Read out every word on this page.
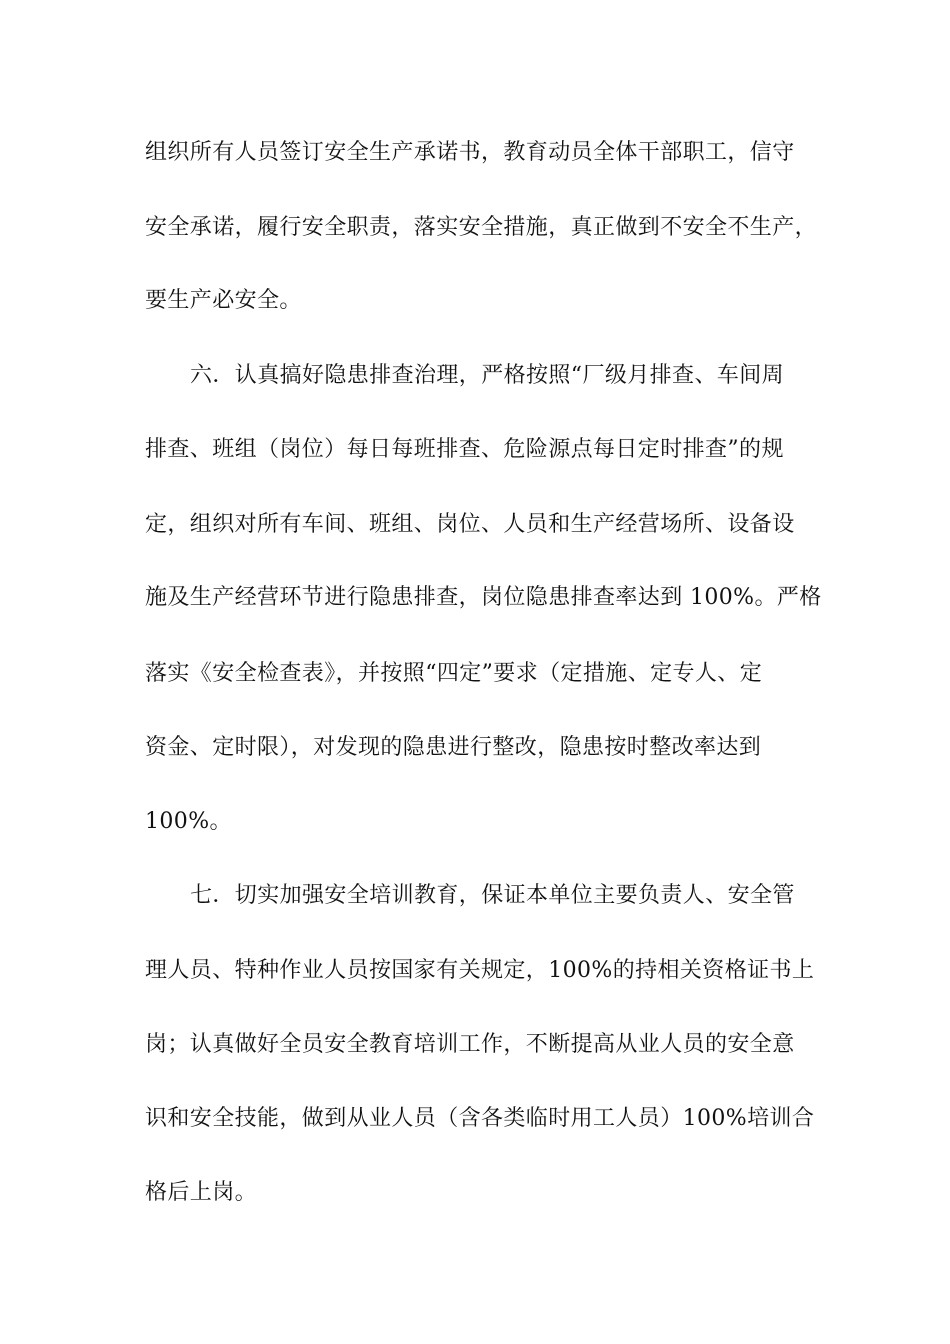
组织所有人员签订安全生产承诺书，教育动员全体干部职工，信守
安全承诺，履行安全职责，落实安全措施，真正做到不安全不生产，
要生产必安全。
六．认真搞好隐患排查治理，严格按照“厂级月排查、车间周
排查、班组（岗位）每日每班排查、危险源点每日定时排查”的规
定，组织对所有车间、班组、岗位、人员和生产经营场所、设备设
施及生产经营环节进行隐患排查，岗位隐患排查率达到 100%。严格
落实《安全检查表》，并按照“四定”要求（定措施、定专人、定
资金、定时限），对发现的隐患进行整改，隐患按时整改率达到
100%。
七．切实加强安全培训教育，保证本单位主要负责人、安全管
理人员、特种作业人员按国家有关规定，100%的持相关资格证书上
岗；认真做好全员安全教育培训工作，不断提高从业人员的安全意
识和安全技能，做到从业人员（含各类临时用工人员）100%培训合
格后上岗。
